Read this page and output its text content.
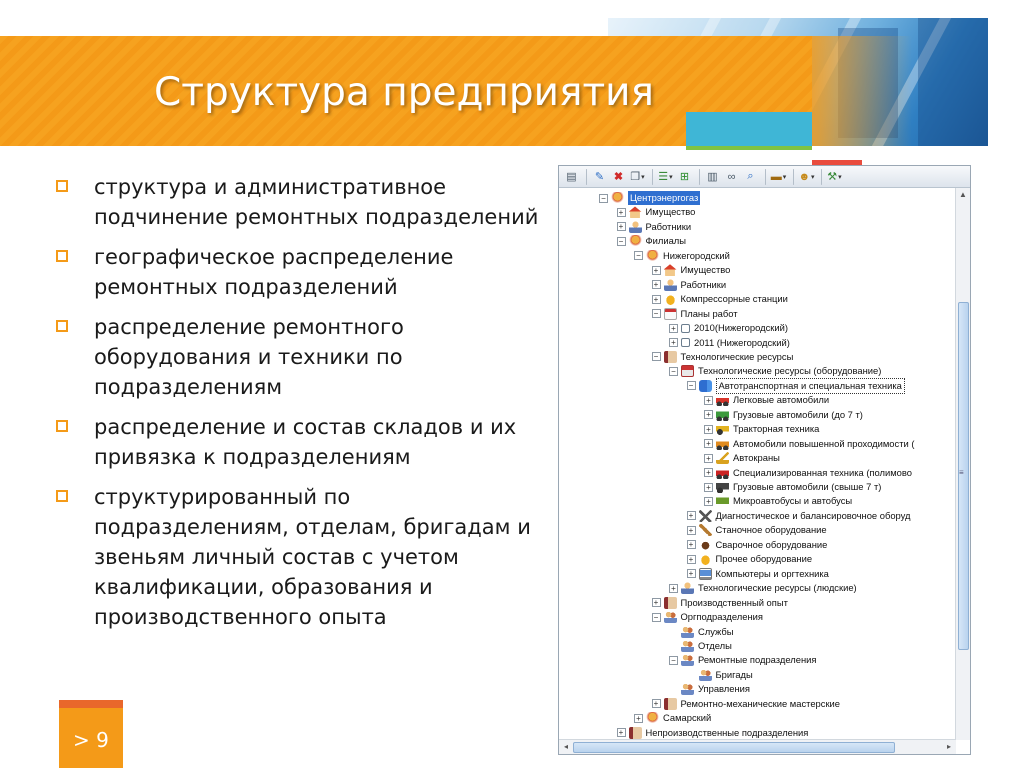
Структура предприятия
структура и административное подчинение ремонтных подразделений
географическое распределение ремонтных подразделений
распределение ремонтного оборудования и техники по подразделениям
распределение и состав складов и их привязка к подразделениям
структурированный по подразделениям, отделам, бригадам и звеньям личный состав с учетом квалификации, образования и производственного опыта
> 9
▤	✎ ✖ ❐ ▾	☰ ▾	⊞	▥ ∞	⌕	▬ ▾	☻ ▾	⚒ ▾
−	Центрэнергогаз
+ Имущество
+ Работники
− Филиалы
− Нижегородский
+ Имущество
+ Работники
+ Компрессорные станции
− Планы работ
+ 2010(Нижегородский)
+ 2011 (Нижегородский)
− Технологические ресурсы
− Технологические ресурсы (оборудование)
−	Автотранспортная и специальная техника
+ Легковые автомобили
+ Грузовые автомобили (до 7 т)
+ Тракторная техника
+ Автомобили повышенной проходимости (
+ Автокраны
+ Специализированная техника (полимово
+ Грузовые автомобили (свыше 7 т)
+ Микроавтобусы и автобусы
+ Диагностическое и балансировочное оборуд
+ Станочное оборудование
+ Сварочное оборудование
+ Прочее оборудование
+ Компьютеры и оргтехника
+ Технологические ресурсы (людские)
+ Производственный опыт
− Оргподразделения
Службы
Отделы
− Ремонтные подразделения
Бригады
Управления
+ Ремонтно-механические мастерские
+ Самарский
+ Непроизводственные подразделения
▲
≡
◂	▸
